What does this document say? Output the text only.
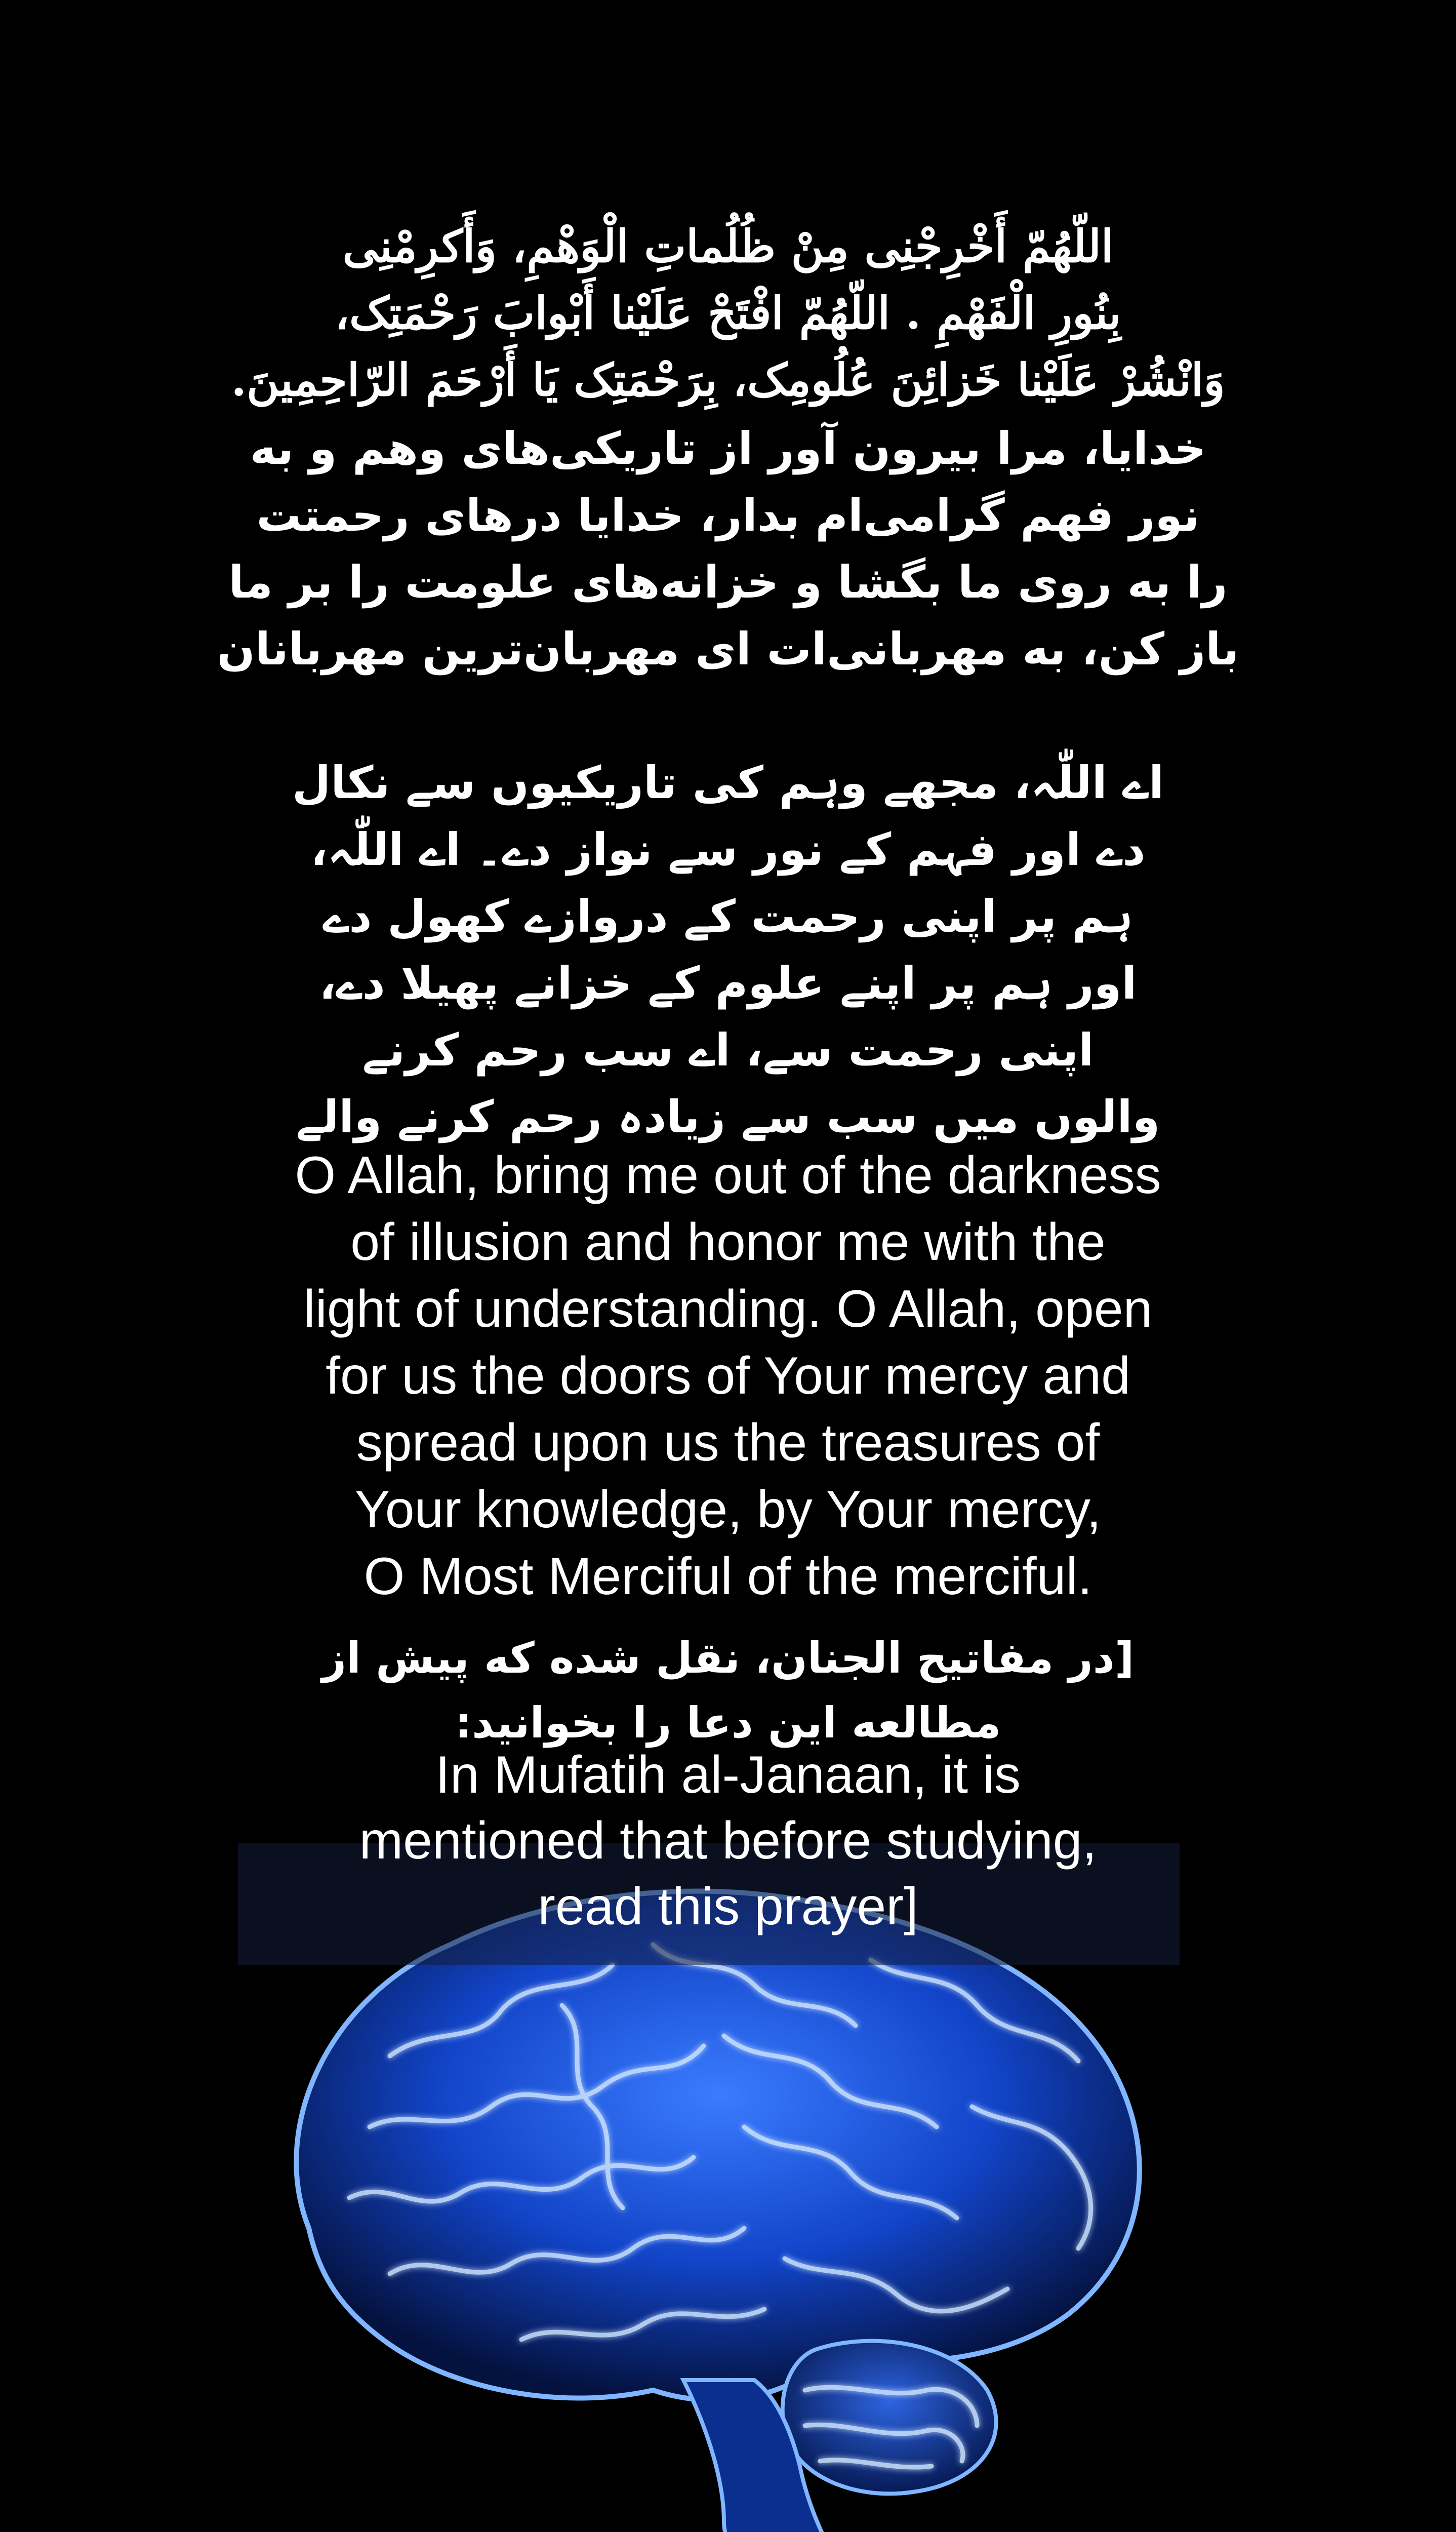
اللّهُمّ أَخْرِجْنِی مِنْ ظُلُماتِ الْوَهْمِ، وَأَکرِمْنِی
بِنُورِ الْفَهْمِ . اللّهُمّ افْتَحْ عَلَیْنا أَبْوابَ رَحْمَتِک،
وَانْشُرْ عَلَیْنا خَزائِنَ عُلُومِک، بِرَحْمَتِک یَا أَرْحَمَ الرّاحِمِینَ.
خدایا، مرا بیرون آور از تاریکی‌های وهم و به
نور فهم گرامی‌ام بدار، خدایا درهای رحمتت
را به روی ما بگشا و خزانه‌های علومت را بر ما
باز کن، به مهربانی‌ات ای مهربان‌ترین مهربانان
اے اللّٰہ، مجھے وہم کی تاریکیوں سے نکال
دے اور فہم کے نور سے نواز دے۔ اے اللّٰہ،
ہم پر اپنی رحمت کے دروازے کھول دے
اور ہم پر اپنے علوم کے خزانے پھیلا دے،
اپنی رحمت سے، اے سب رحم کرنے
والوں میں سب سے زیادہ رحم کرنے والے
O Allah, bring me out of the darkness
of illusion and honor me with the
light of understanding. O Allah, open
for us the doors of Your mercy and
spread upon us the treasures of
Your knowledge, by Your mercy,
O Most Merciful of the merciful.
[در مفاتیح الجنان، نقل شده که پیش از
مطالعه این دعا را بخوانید:
In Mufatih al-Janaan, it is
mentioned that before studying,
read this prayer]
